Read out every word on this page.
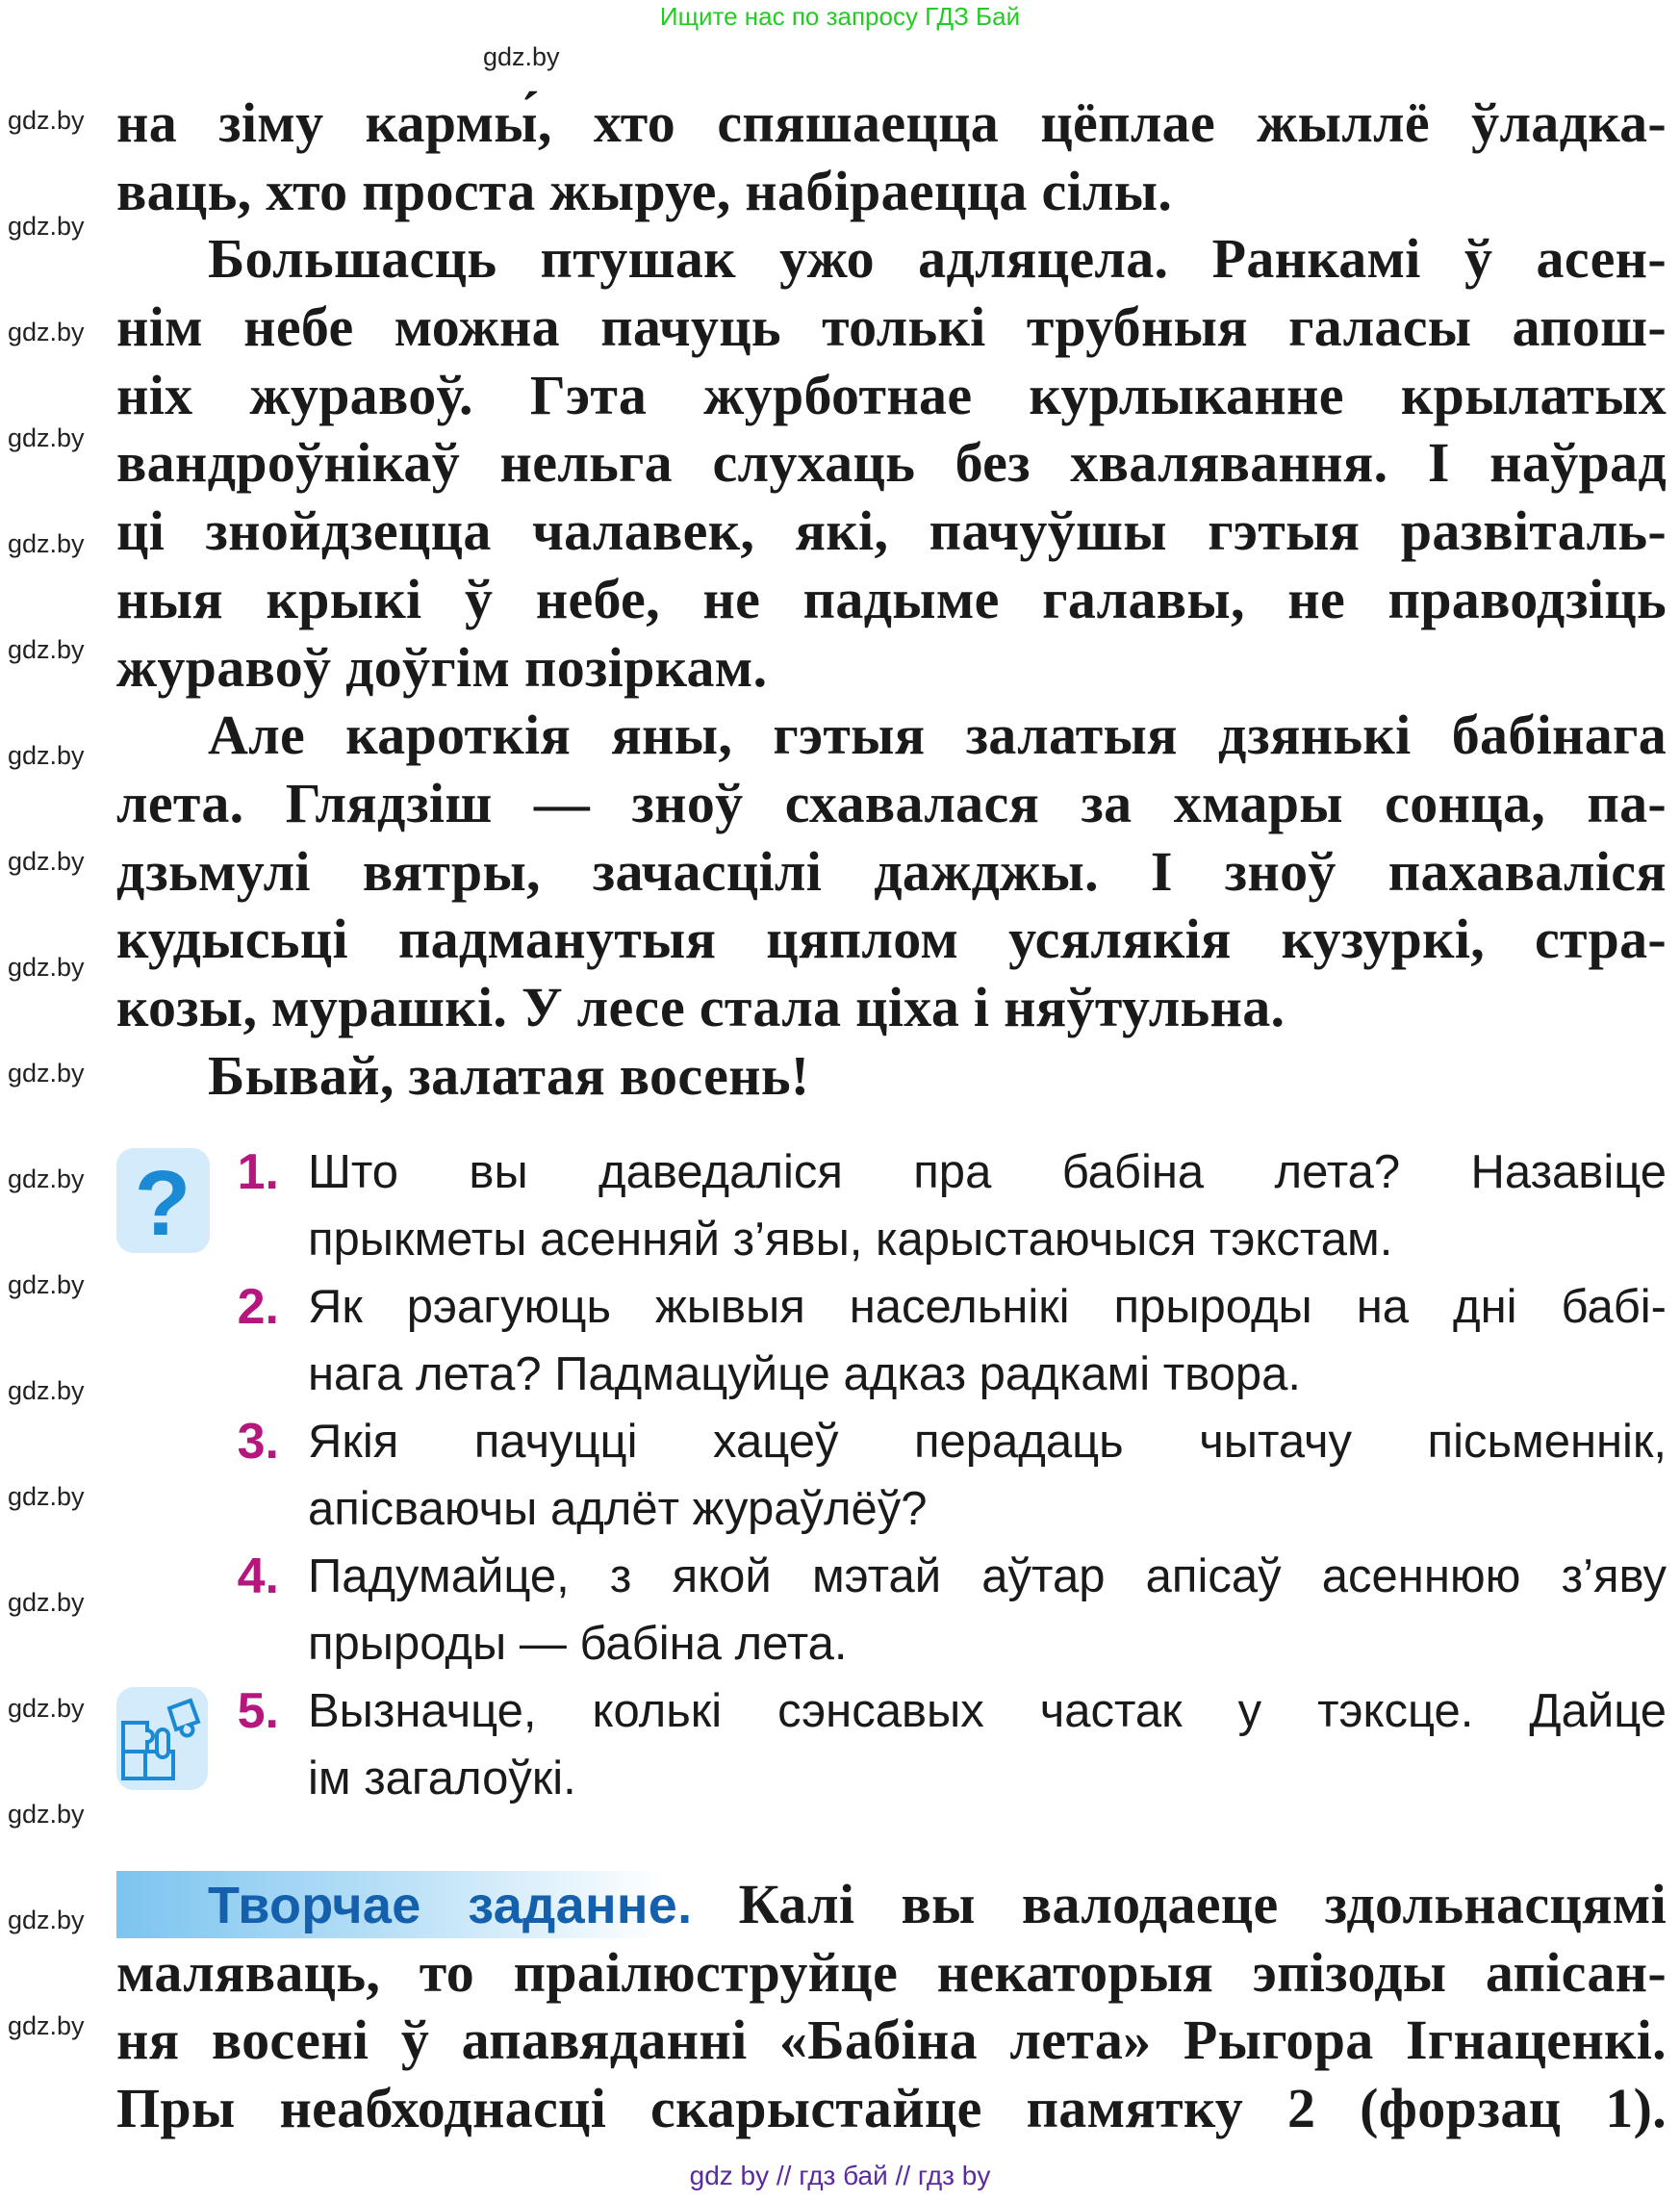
Ищите нас по запросу ГДЗ Бай
на зіму кармы́, хто спяшаецца цёплае жыллё ўладка-
ваць, хто проста жыруе, набіраецца сілы.
Большасць птушак ужо адляцела. Ранкамі ў асен-
нім небе можна пачуць толькі трубныя галасы апош-
ніх журавоў. Гэта журботнае курлыканне крылатых
вандроўнікаў нельга слухаць без хвалявання. І наўрад
ці знойдзецца чалавек, які, пачуўшы гэтыя развіталь-
ныя крыкі ў небе, не падыме галавы, не праводзіць
журавоў доўгім позіркам.
Але кароткія яны, гэтыя залатыя дзянькі бабінага
лета. Глядзіш — зноў схавалася за хмары сонца, па-
дзьмулі вятры, зачасцілі дажджы. І зноў пахаваліся
кудысьці падманутыя цяплом усялякія кузуркі, стра-
козы, мурашкі. У лесе стала ціха і няўтульна.
Бывай, залатая восень!
? 1.
2.
3.
4.
5.
Што вы даведаліся пра бабіна лета? Назавіце
прыкметы асенняй з’явы, карыстаючыся тэкстам.
Як рэагуюць жывыя насельнікі прыроды на дні бабі-
нага лета? Падмацуйце адказ радкамі твора.
Якія пачуцці хацеў перадаць чытачу пісьменнік,
апісваючы адлёт жураўлёў?
Падумайце, з якой мэтай аўтар апісаў асеннюю з’яву
прыроды — бабіна лета.
Вызначце, колькі сэнсавых частак у тэксце. Дайце
ім загалоўкі.
Творчае заданне. Калі вы валодаеце здольнасцямі
маляваць, то праілюструйце некаторыя эпізоды апісан-
ня восені ў апавяданні «Бабіна лета» Рыгора Ігнаценкі.
Пры неабходнасці скарыстайце памятку 2 (форзац 1).
gdz.by
gdz.by
gdz.by
gdz.by
gdz.by
gdz.by
gdz.by
gdz.by
gdz.by
gdz.by
gdz.by
gdz.by
gdz.by
gdz.by
gdz.by
gdz.by
gdz.by
gdz.by
gdz.by
gdz.by
gdz by // гдз бай // гдз by
